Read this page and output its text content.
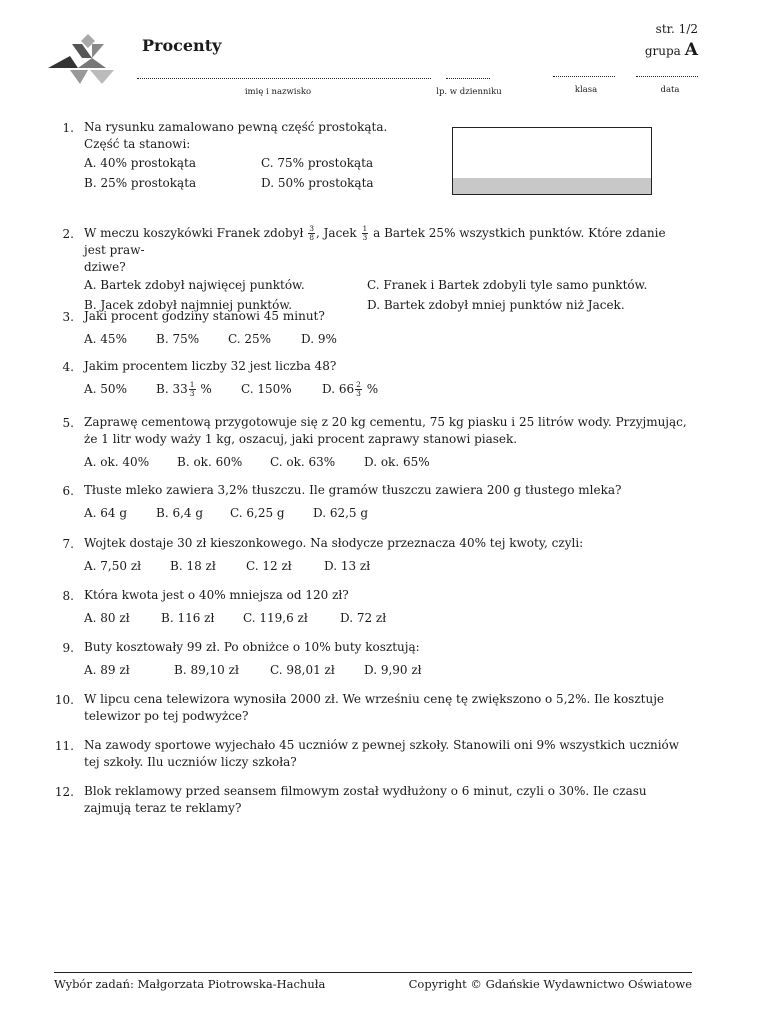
Procenty
str. 1/2
grupa A
imię i nazwisko	lp. w dzienniku	klasa	data
1. Na rysunku zamalowano pewną część prostokąta.
Część ta stanowi:
A. 40% prostokąta	C. 75% prostokąta
B. 25% prostokąta	D. 50% prostokąta
2. W meczu koszykówki Franek zdobył $\frac{3}{8}$ , Jacek $\frac{1}{3}$ a Bartek 25% wszystkich punktów. Które zdanie jest praw-
dziwe?
A. Bartek zdobył najwięcej punktów.	C. Franek i Bartek zdobyli tyle samo punktów.
B. Jacek zdobył najmniej punktów.	D. Bartek zdobył mniej punktów niż Jacek.
3. Jaki procent godziny stanowi 45 minut?
A. 45%	B. 75%	C. 25%	D. 9%
4. Jakim procentem liczby 32 jest liczba 48?
A. 50%	B. $33 \frac{1}{3}$ %	C. 150%	D. $66 \frac{2}{3}$ %
5. Zaprawę cementową przygotowuje się z 20 kg cementu, 75 kg piasku i 25 litrów wody. Przyjmując, że 1 litr wody waży 1 kg, oszacuj, jaki procent zaprawy stanowi piasek.
A. ok. 40%	B. ok. 60%	C. ok. 63%	D. ok. 65%
6. Tłuste mleko zawiera 3,2% tłuszczu. Ile gramów tłuszczu zawiera 200 g tłustego mleka?
A. 64 g	B. 6,4 g	C. 6,25 g	D. 62,5 g
7. Wojtek dostaje 30 zł kieszonkowego. Na słodycze przeznacza 40% tej kwoty, czyli:
A. 7,50 zł	B. 18 zł	C. 12 zł	D. 13 zł
8. Która kwota jest o 40% mniejsza od 120 zł?
A. 80 zł	B. 116 zł	C. 119,6 zł	D. 72 zł
9. Buty kosztowały 99 zł. Po obniżce o 10% buty kosztują:
A. 89 zł	B. 89,10 zł	C. 98,01 zł	D. 9,90 zł
10. W lipcu cena telewizora wynosiła 2000 zł. We wrześniu cenę tę zwiększono o 5,2%. Ile kosztuje telewizor po tej podwyżce?
11. Na zawody sportowe wyjechało 45 uczniów z pewnej szkoły. Stanowili oni 9% wszystkich uczniów tej szkoły. Ilu uczniów liczy szkoła?
12. Blok reklamowy przed seansem filmowym został wydłużony o 6 minut, czyli o 30%. Ile czasu zajmują teraz te reklamy?
Wybór zadań: Małgorzata Piotrowska-Hachuła	Copyright © Gdańskie Wydawnictwo Oświatowe
